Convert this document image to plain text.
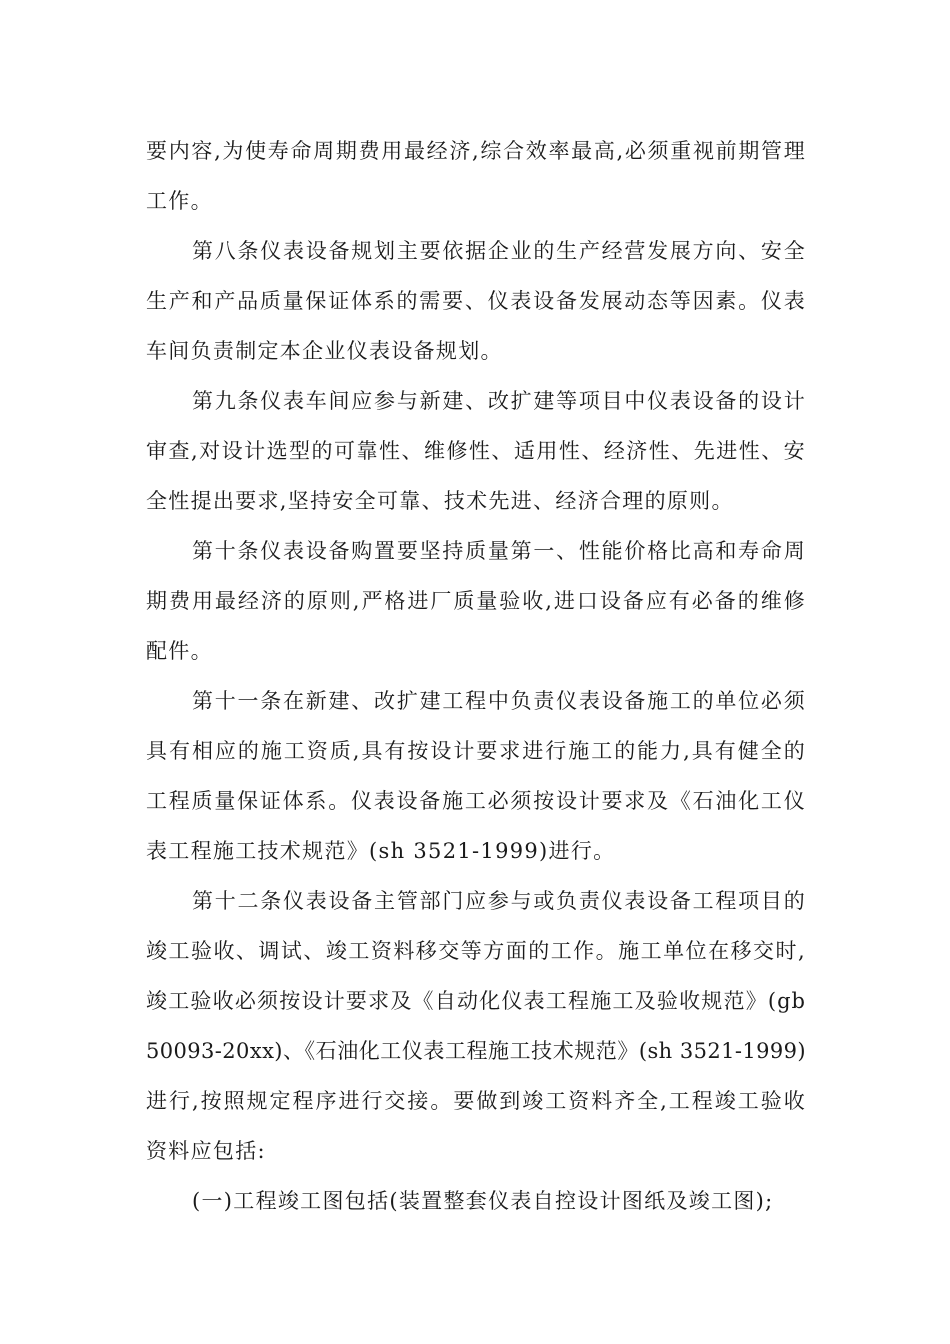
要内容,为使寿命周期费用最经济,综合效率最高,必须重视前期管理
工作。
第八条仪表设备规划主要依据企业的生产经营发展方向、安全
生产和产品质量保证体系的需要、仪表设备发展动态等因素。仪表
车间负责制定本企业仪表设备规划。
第九条仪表车间应参与新建、改扩建等项目中仪表设备的设计
审查,对设计选型的可靠性、维修性、适用性、经济性、先进性、安
全性提出要求,坚持安全可靠、技术先进、经济合理的原则。
第十条仪表设备购置要坚持质量第一、性能价格比高和寿命周
期费用最经济的原则,严格进厂质量验收,进口设备应有必备的维修
配件。
第十一条在新建、改扩建工程中负责仪表设备施工的单位必须
具有相应的施工资质,具有按设计要求进行施工的能力,具有健全的
工程质量保证体系。仪表设备施工必须按设计要求及《石油化工仪
表工程施工技术规范》(sh 3521-1999)进行。
第十二条仪表设备主管部门应参与或负责仪表设备工程项目的
竣工验收、调试、竣工资料移交等方面的工作。施工单位在移交时,
竣工验收必须按设计要求及《自动化仪表工程施工及验收规范》(gb
50093-20xx)、《石油化工仪表工程施工技术规范》(sh 3521-1999)
进行,按照规定程序进行交接。要做到竣工资料齐全,工程竣工验收
资料应包括:
(一)工程竣工图包括(装置整套仪表自控设计图纸及竣工图);
